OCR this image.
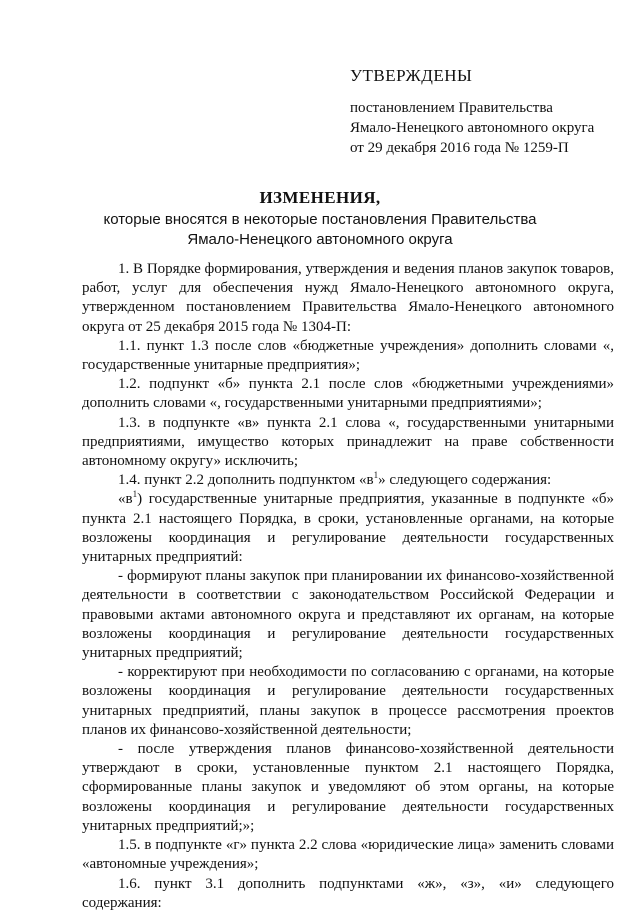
УТВЕРЖДЕНЫ
постановлением Правительства
Ямало-Ненецкого автономного округа
от 29 декабря 2016 года № 1259-П
ИЗМЕНЕНИЯ,
которые вносятся в некоторые постановления Правительства
Ямало-Ненецкого автономного округа

1. В Порядке формирования, утверждения и ведения планов закупок товаров, работ, услуг для обеспечения нужд Ямало-Ненецкого автономного округа, утвержденном постановлением Правительства Ямало-Ненецкого автономного округа от 25 декабря 2015 года № 1304-П:

1.1. пункт 1.3 после слов «бюджетные учреждения» дополнить словами «, государственные унитарные предприятия»;

1.2. подпункт «б» пункта 2.1 после слов «бюджетными учреждениями» дополнить словами «, государственными унитарными предприятиями»;

1.3. в подпункте «в» пункта 2.1 слова «, государственными унитарными предприятиями, имущество которых принадлежит на праве собственности автономному округу» исключить;

1.4. пункт 2.2 дополнить подпунктом «$в^1$» следующего содержания:

«$в^1$) государственные унитарные предприятия, указанные в подпункте «б» пункта 2.1 настоящего Порядка, в сроки, установленные органами, на которые возложены координация и регулирование деятельности государственных унитарных предприятий:

- формируют планы закупок при планировании их финансово-хозяйственной деятельности в соответствии с законодательством Российской Федерации и правовыми актами автономного округа и представляют их органам, на которые возложены координация и регулирование деятельности государственных унитарных предприятий;

- корректируют при необходимости по согласованию с органами, на которые возложены координация и регулирование деятельности государственных унитарных предприятий, планы закупок в процессе рассмотрения проектов планов их финансово-хозяйственной деятельности;

- после утверждения планов финансово-хозяйственной деятельности утверждают в сроки, установленные пунктом 2.1 настоящего Порядка, сформированные планы закупок и уведомляют об этом органы, на которые возложены координация и регулирование деятельности государственных унитарных предприятий;»;

1.5. в подпункте «г» пункта 2.2 слова «юридические лица» заменить словами «автономные учреждения»;

1.6. пункт 3.1 дополнить подпунктами «ж», «з», «и» следующего содержания:
